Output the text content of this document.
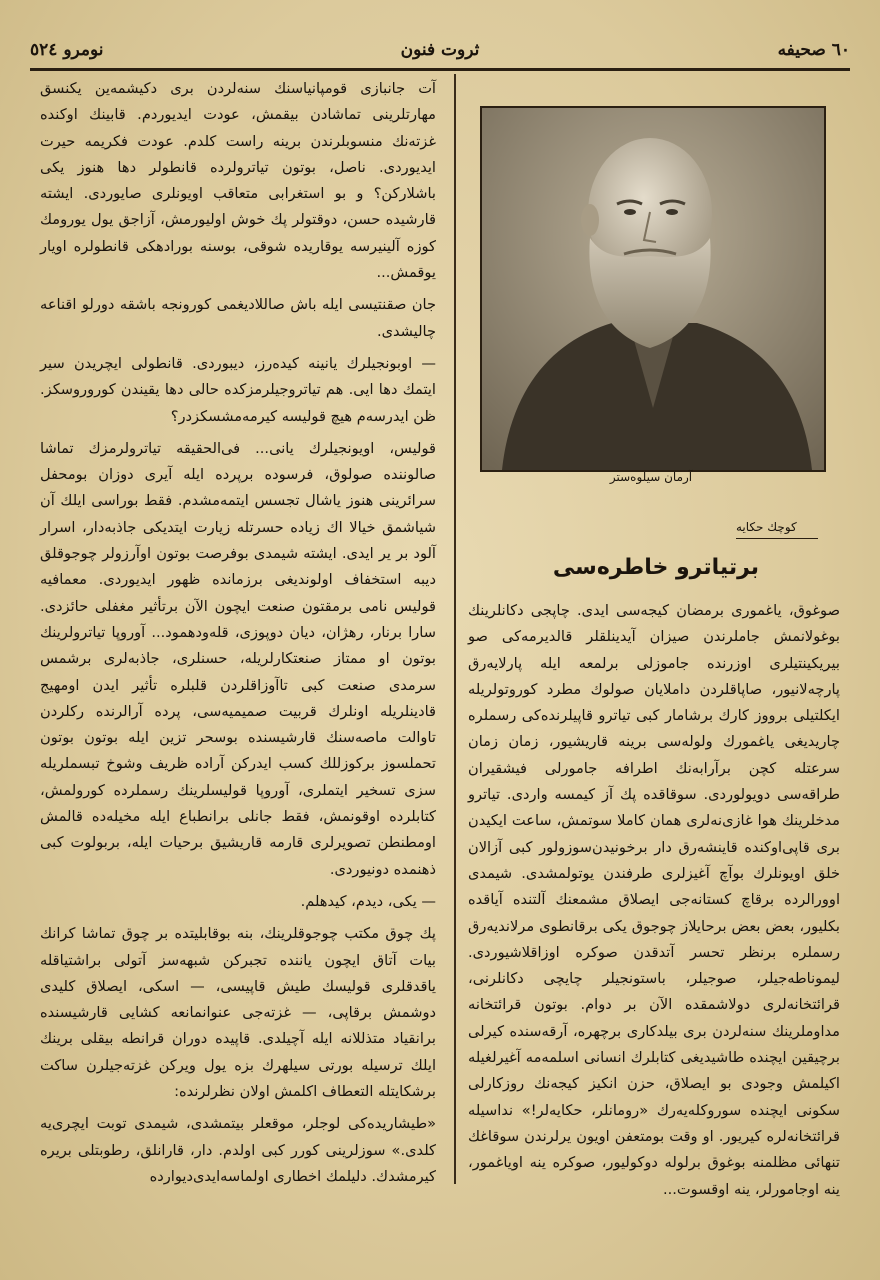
٦٠ صحیفه
ثروت فنون
نومرو ٥٢٤

آت جانبازی قومپانیاسنك سنه‌لردن بری دكیشمه‌ین یكنسق مهارتلرینی تماشادن بیقمش، عودت ایدیوردم. قابینك اوكنده غزته‌نك منسوبلرندن برینه راست كلدم. عودت فكریمه حیرت ایدیوردی. ناصل، بوتون تیاترولرده قانطولر دها هنوز یكی باشلاركن؟ و بو استغرابی متعاقب اویونلری صایوردی. ایشته قارشیده حسن، دوقتولر پك خوش اولیورمش، آزاجق یول یورومك كوزه آلینیرسه یوقاریده شوقی، بوسنه بورادهكی قانطولره اویار یوقمش...

جان صقنتیسی ایله باش صاللادیغمی كورونجه باشقه دورلو اقناعه چالیشدی.

— اوبونجیلرك یانینه كیده‌رز، دیبوردی. قانطولی ایچریدن سیر ایتمك دها ایی. هم تیاتروجیلرمزكده حالی دها یقیندن كوروروسكز. ظن ایدرسه‌م هیچ قولیسه كیرمه‌مشسكزدر؟

قولیس، اویونجیلرك یانی... فی‌الحقیقه تیاترولرمزك تماشا صالوننده صولوق، فرسوده برپرده ایله آیری دوزان بومحفل سرائرینی هنوز یاشال تجسس ایتمه‌مشدم. فقط بوراسی ایلك آن شیاشمق خیالا اك زیاده حسرتله زیارت ایتدیكی جاذبه‌دار، اسرار آلود بر یر ایدی. ایشته شیمدی بوفرصت بوتون اوآرزولر چوجوقلق دیبه استخفاف اولوندیغی برزمانده ظهور ایدیوردی. معمافیه قولیس نامی برمقتون صنعت ایچون الآن برتأثیر مغفلی حائزدی. سارا برنار، رهژان، دیان دوپوزی، قله‌ودهمود... آوروپا تیاترولرینك بوتون او ممتاز صنعتكارلریله، حسنلری، جاذبه‌لری برشمس سرمدی صنعت كبی تاآوزاقلردن قلبلره تأثیر ایدن اومهیج قادینلریله اونلرك قربیت صمیمیه‌سی، پرده آرالرنده ركلردن تاوالت ماصه‌سنك قارشیسنده بوسحر تزین ایله بوتون بوتون تحملسوز بركوزللك كسب ایدركن آراده ظریف وشوخ تبسملریله سزی تسخیر ایتملری، آوروپا قولیسلرینك رسملرده كورولمش، كتابلرده اوقونمش، فقط جانلی برانطباع ایله مخیله‌ده قالمش اومطنطن تصویرلری قارمه قاریشیق برحیات ایله، بربولوت كبی ذهنمده دونیوردی.

— یكی، دیدم، كیدهلم.

پك چوق مكتب چوجوقلرینك، بنه بوقابلیتده بر چوق تماشا كرانك بیات آتاق ایچون یاننده تجبركن شبهه‌سز آتولی براشتیاقله یاقدقلری قولیسك طیش قاپیسی، — اسكی، ایصلاق كلیدی دوشمش برقاپی، — غزته‌جی عنوانمانعه كشایی قارشیسنده برانقیاد متذللانه ایله آچیلدی. قاپیده دوران قرانطه بیقلی برینك ایلك ترسیله بورتی سیلهرك بزه یول ویركن غزته‌جیلرن ساكت برشكایتله التعطاف اكلمش اولان نظرلرنده:

«طیشاریده‌كی لوجلر، موقعلر بیتمشدی، شیمدی توبت ایچری‌یه كلدی.» سوزلرینی كورر كبی اولدم. دار، قارانلق، رطوبتلی بریره كیرمشدك. دلیلمك اخطاری اولماسه‌ایدی‌دیوارده

آرمان سیلوه‌ستر
كوچك حكایه
برتیاترو خاطره‌سی

صوغوق، یاغموری برمضان كیجه‌سی ایدی. چاپجی دكانلرینك بوغولانمش جاملرندن صیزان آیدینلقلر قالدیرمه‌كی صو بیریكینتیلری اوزرنده جاموزلی برلمعه ایله پارلایه‌رق پارچه‌لانیور، صاپاقلردن داملایان صولوك مطرد كوروتولریله ایكلتیلی برووز كارك برشامار كبی تیاترو قاپیلرنده‌كی رسملره چاریدیغی یاغمورك ولوله‌سی برینه قاریشیور، زمان زمان سرعتله كچن برآرابه‌نك اطرافه جامورلی فیشقیران طراقه‌سی دویولوردی. سوقاقده پك آز كیمسه واردی. تیاترو مدخلرینك هوا غازی‌نه‌لری همان كاملا سوتمش، ساعت ایكیدن بری قاپی‌اوكنده قاینشه‌رق دار برخونیدن‌سوزولور كبی آزالان خلق اویونلرك بوآچ آغیزلری طرفندن یوتولمشدی. شیمدی اوورالرده برقاچ كستانه‌جی ایصلاق مشمعنك آلتنده آیاقده بكلیور، بعض بعض برحایلاز چوجوق یكی برقانطوی مرلاندیه‌رق رسملره برنظر تحسر آتدقدن صوكره اوزاقلاشیوردی. لیموناطه‌جیلر، صوجیلر، باستونجیلر چایچی دكانلرنی، قرائتخانه‌لری دولاشمقده الآن بر دوام. بوتون قرائتخانه مداوملرینك سنه‌لردن بری بیلدكاری برچهره، آرقه‌سنده كیرلی برچیقین ایچنده طاشیدیغی كتابلرك انسانی اسلمه‌مه آغیرلغیله اكیلمش وجودی بو ایصلاق، حزن انكیز كیجه‌نك روزكارلی سكونی ایچنده سوروكله‌یه‌رك «رومانلر، حكایه‌لر!» نداسیله قرائتخانه‌لره كیریور. او وقت بومتعفن اویون یرلرندن سوقاغك تنهائی مظلمنه بوغوق برلوله دوكولیور، صوكره ینه اویاغمور، ینه اوجامورلر، ینه اوقسوت...
